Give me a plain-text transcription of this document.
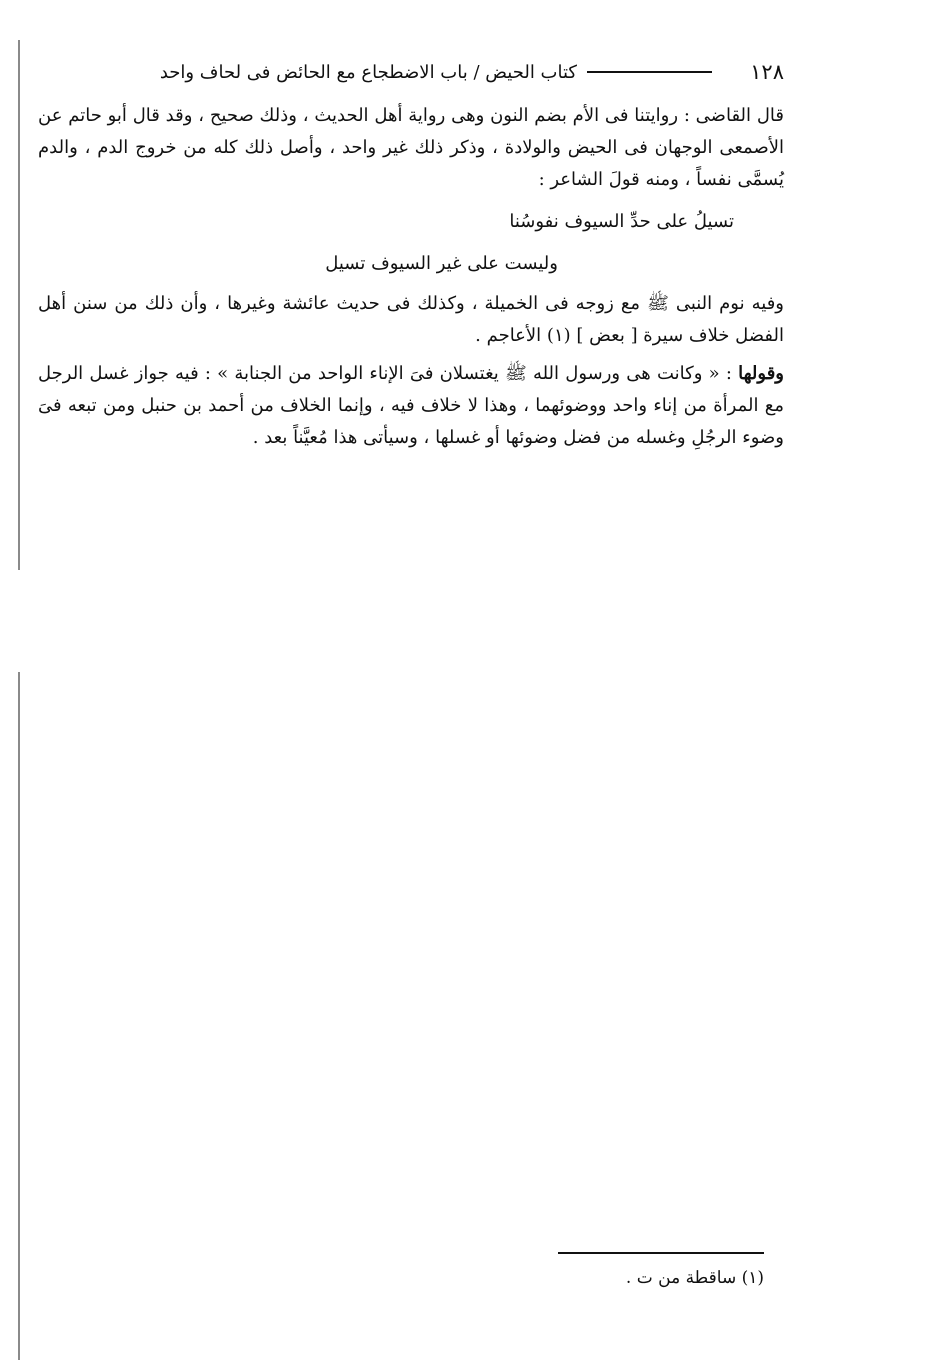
١٢٨
كتاب الحيض / باب الاضطجاع مع الحائض فى لحاف واحد

قال القاضى : روايتنا فى الأم بضم النون وهى رواية أهل الحديث ، وذلك صحيح ، وقد قال أبو حاتم عن الأصمعى الوجهان فى الحيض والولادة ، وذكر ذلك غير واحد ، وأصل ذلك كله من خروج الدم ، والدم يُسمَّى نفساً ، ومنه قولَ الشاعر :

تسيلُ على حدِّ السيوف نفوسُنا

وليست على غير السيوف تسيل

وفيه نوم النبى ﷺ مع زوجه فى الخميلة ، وكذلك فى حديث عائشة وغيرها ، وأن ذلك من سنن أهل الفضل خلاف سيرة [ بعض ] (١) الأعاجم .

وقولها : « وكانت هى ورسول الله ﷺ يغتسلان فىَ الإناء الواحد من الجنابة » : فيه جواز غسل الرجل مع المرأة من إناء واحد ووضوئهما ، وهذا لا خلاف فيه ، وإنما الخلاف من أحمد بن حنبل ومن تبعه فىَ وضوء الرجُلِ وغسله من فضل وضوئها أو غسلها ، وسيأتى هذا مُعيَّناً بعد .

(١) ساقطة من ت .
